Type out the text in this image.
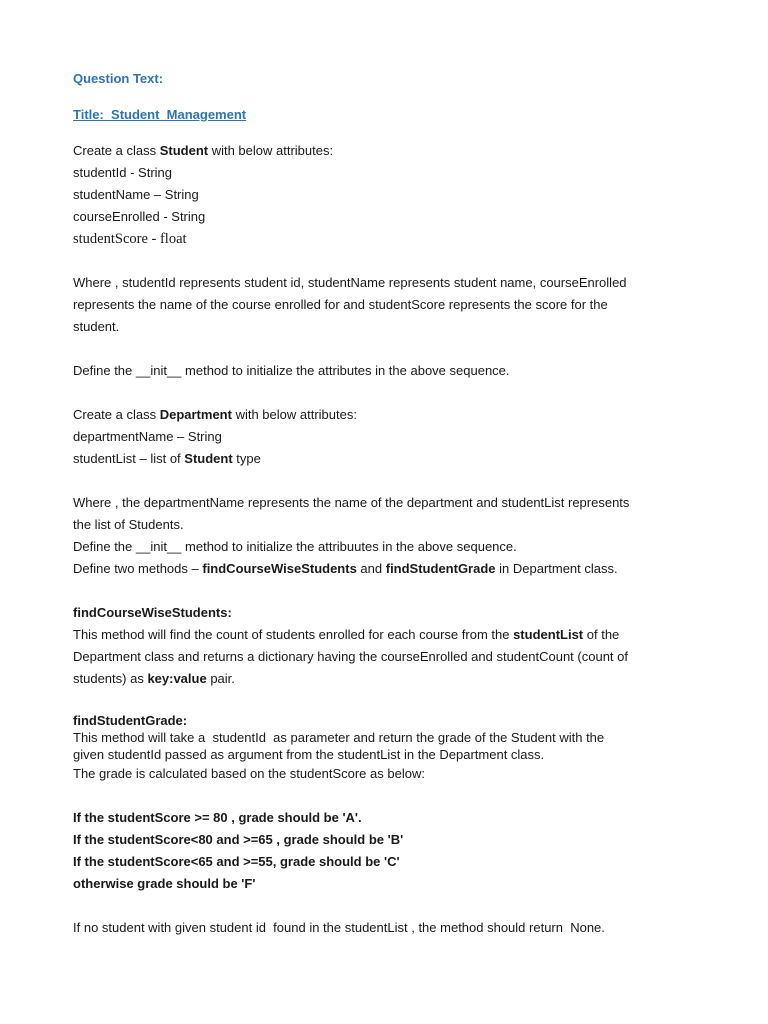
Question Text:
Title:  Student_Management
Create a class Student with below attributes:
studentId - String
studentName – String
courseEnrolled - String
studentScore - float
Where , studentId represents student id, studentName represents student name, courseEnrolled
represents the name of the course enrolled for and studentScore represents the score for the
student.
Define the __init__ method to initialize the attributes in the above sequence.
Create a class Department with below attributes:
departmentName – String
studentList – list of Student type
Where , the departmentName represents the name of the department and studentList represents
the list of Students.
Define the __init__ method to initialize the attribuutes in the above sequence.
Define two methods – findCourseWiseStudents and findStudentGrade in Department class.
findCourseWiseStudents:
This method will find the count of students enrolled for each course from the studentList of the
Department class and returns a dictionary having the courseEnrolled and studentCount (count of
students) as key:value pair.
findStudentGrade:
This method will take a  studentId  as parameter and return the grade of the Student with the
given studentId passed as argument from the studentList in the Department class.
The grade is calculated based on the studentScore as below:
If the studentScore >= 80 , grade should be 'A'.
If the studentScore<80 and >=65 , grade should be 'B'
If the studentScore<65 and >=55, grade should be 'C'
otherwise grade should be 'F'
If no student with given student id  found in the studentList , the method should return  None.
